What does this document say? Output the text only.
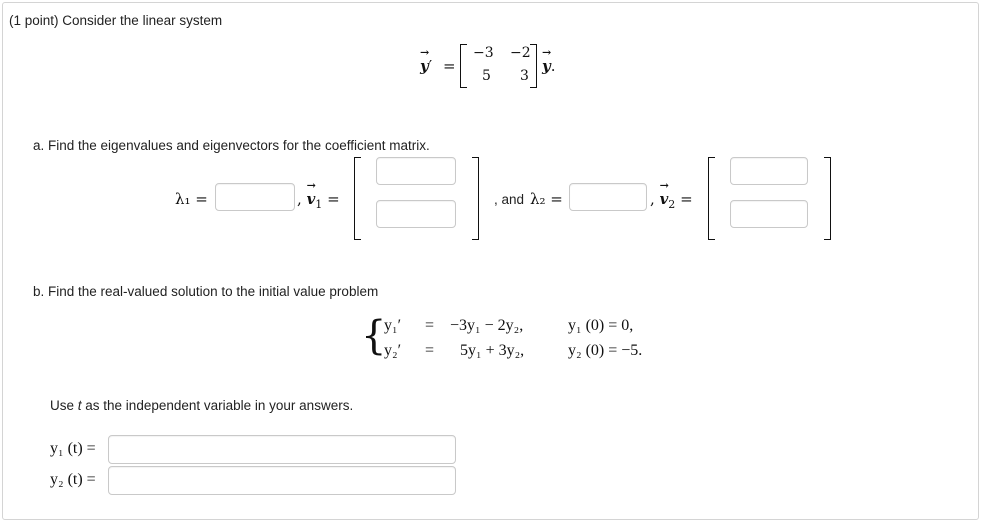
(1 point) Consider the linear system
→ y′ =
−3 −2
5 3
→ y.
a. Find the eigenvalues and eigenvectors for the coefficient matrix.
λ₁ =	, → $v_1$ =	, and λ₂ =	, → $v_2$ =
b. Find the real-valued solution to the initial value problem
{
y₁′ = −3y₁ − 2y₂,	y₁ (0) = 0,
y₂′ = 5y₁ + 3y₂,	y₂ (0) = −5.
Use t as the independent variable in your answers.
y₁ (t) =
y₂ (t) =
